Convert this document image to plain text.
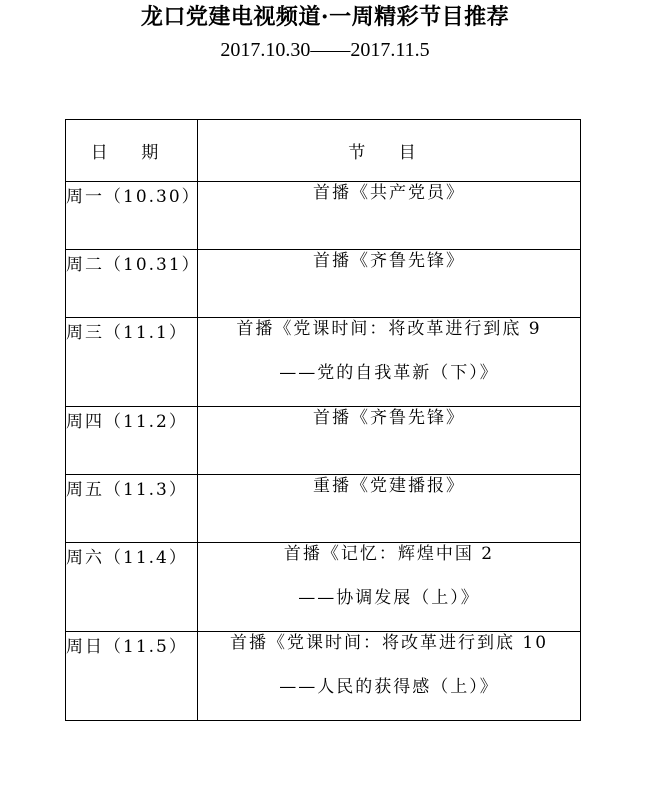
龙口党建电视频道·一周精彩节目推荐
2017.10.30——2017.11.5
日 期	节 目
周一（10.30）	首播《共产党员》

周二（10.31）	首播《齐鲁先锋》

周三（11.1）	首播《党课时间：将改革进行到底 9
——党的自我革新（下）》

周四（11.2）	首播《齐鲁先锋》

周五（11.3）	重播《党建播报》

周六（11.4）	首播《记忆：辉煌中国 2
——协调发展（上）》

周日（11.5）	首播《党课时间：将改革进行到底 10
——人民的获得感（上）》
